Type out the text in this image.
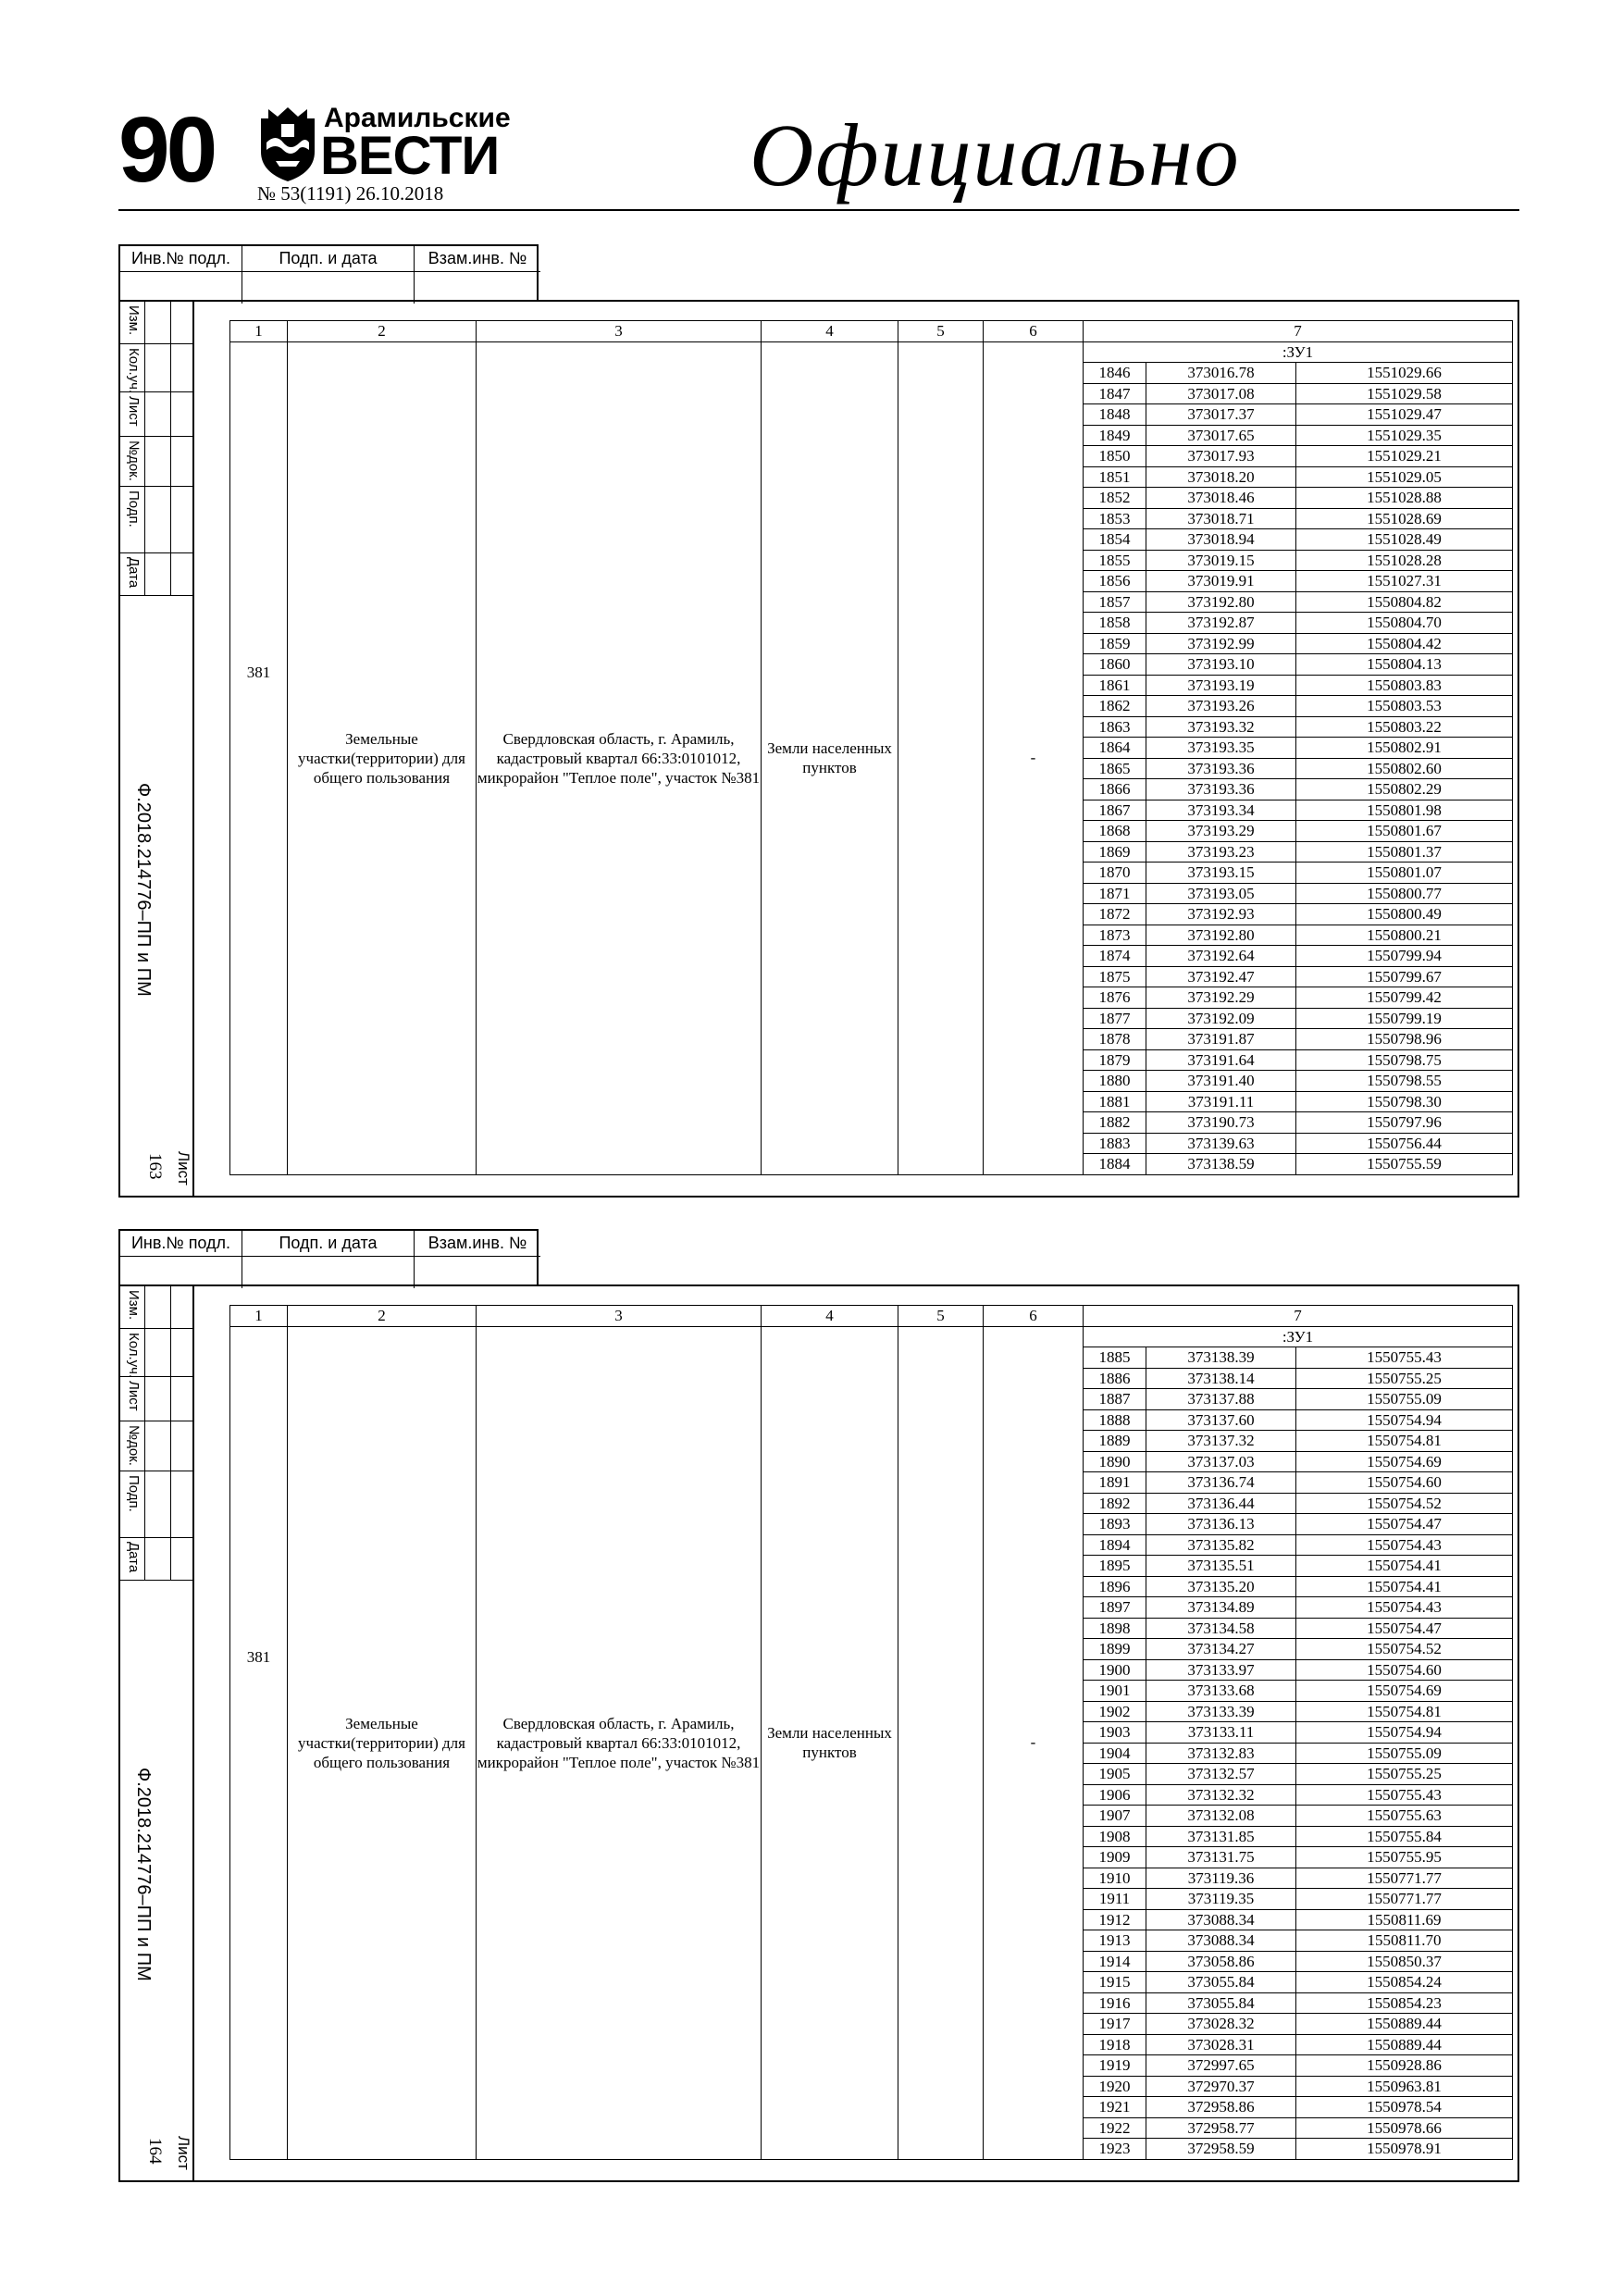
90	Арамильские
ВЕСТИ
№ 53(1191) 26.10.2018	Официально
Инв.№ подл.	Подп. и дата	Взам.инв. №
Изм.
Кол.уч.
Лист
№док.
Подп.
Дата
Ф.2018.214776–ПП и ПМ
Лист
163
1	2	3	4	5	6	7		
381	Земельные участки(территории) для общего пользования	Свердловская область, г. Арамиль, кадастровый квартал 66:33:0101012, микрорайон "Теплое поле", участок №381	Земли населенных пунктов		-	:ЗУ1		
						1846	373016.78	1551029.66
						1847	373017.08	1551029.58
						1848	373017.37	1551029.47
						1849	373017.65	1551029.35
						1850	373017.93	1551029.21
						1851	373018.20	1551029.05
						1852	373018.46	1551028.88
						1853	373018.71	1551028.69
						1854	373018.94	1551028.49
						1855	373019.15	1551028.28
						1856	373019.91	1551027.31
						1857	373192.80	1550804.82
						1858	373192.87	1550804.70
						1859	373192.99	1550804.42
						1860	373193.10	1550804.13
						1861	373193.19	1550803.83
						1862	373193.26	1550803.53
						1863	373193.32	1550803.22
						1864	373193.35	1550802.91
						1865	373193.36	1550802.60
						1866	373193.36	1550802.29
						1867	373193.34	1550801.98
						1868	373193.29	1550801.67
						1869	373193.23	1550801.37
						1870	373193.15	1550801.07
						1871	373193.05	1550800.77
						1872	373192.93	1550800.49
						1873	373192.80	1550800.21
						1874	373192.64	1550799.94
						1875	373192.47	1550799.67
						1876	373192.29	1550799.42
						1877	373192.09	1550799.19
						1878	373191.87	1550798.96
						1879	373191.64	1550798.75
						1880	373191.40	1550798.55
						1881	373191.11	1550798.30
						1882	373190.73	1550797.96
						1883	373139.63	1550756.44
						1884	373138.59	1550755.59
Инв.№ подл.	Подп. и дата	Взам.инв. №
Изм.
Кол.уч.
Лист
№док.
Подп.
Дата
Ф.2018.214776–ПП и ПМ
Лист
164
1	2	3	4	5	6	7		
381	Земельные участки(территории) для общего пользования	Свердловская область, г. Арамиль, кадастровый квартал 66:33:0101012, микрорайон "Теплое поле", участок №381	Земли населенных пунктов		-	:ЗУ1		
						1885	373138.39	1550755.43
						1886	373138.14	1550755.25
						1887	373137.88	1550755.09
						1888	373137.60	1550754.94
						1889	373137.32	1550754.81
						1890	373137.03	1550754.69
						1891	373136.74	1550754.60
						1892	373136.44	1550754.52
						1893	373136.13	1550754.47
						1894	373135.82	1550754.43
						1895	373135.51	1550754.41
						1896	373135.20	1550754.41
						1897	373134.89	1550754.43
						1898	373134.58	1550754.47
						1899	373134.27	1550754.52
						1900	373133.97	1550754.60
						1901	373133.68	1550754.69
						1902	373133.39	1550754.81
						1903	373133.11	1550754.94
						1904	373132.83	1550755.09
						1905	373132.57	1550755.25
						1906	373132.32	1550755.43
						1907	373132.08	1550755.63
						1908	373131.85	1550755.84
						1909	373131.75	1550755.95
						1910	373119.36	1550771.77
						1911	373119.35	1550771.77
						1912	373088.34	1550811.69
						1913	373088.34	1550811.70
						1914	373058.86	1550850.37
						1915	373055.84	1550854.24
						1916	373055.84	1550854.23
						1917	373028.32	1550889.44
						1918	373028.31	1550889.44
						1919	372997.65	1550928.86
						1920	372970.37	1550963.81
						1921	372958.86	1550978.54
						1922	372958.77	1550978.66
						1923	372958.59	1550978.91
